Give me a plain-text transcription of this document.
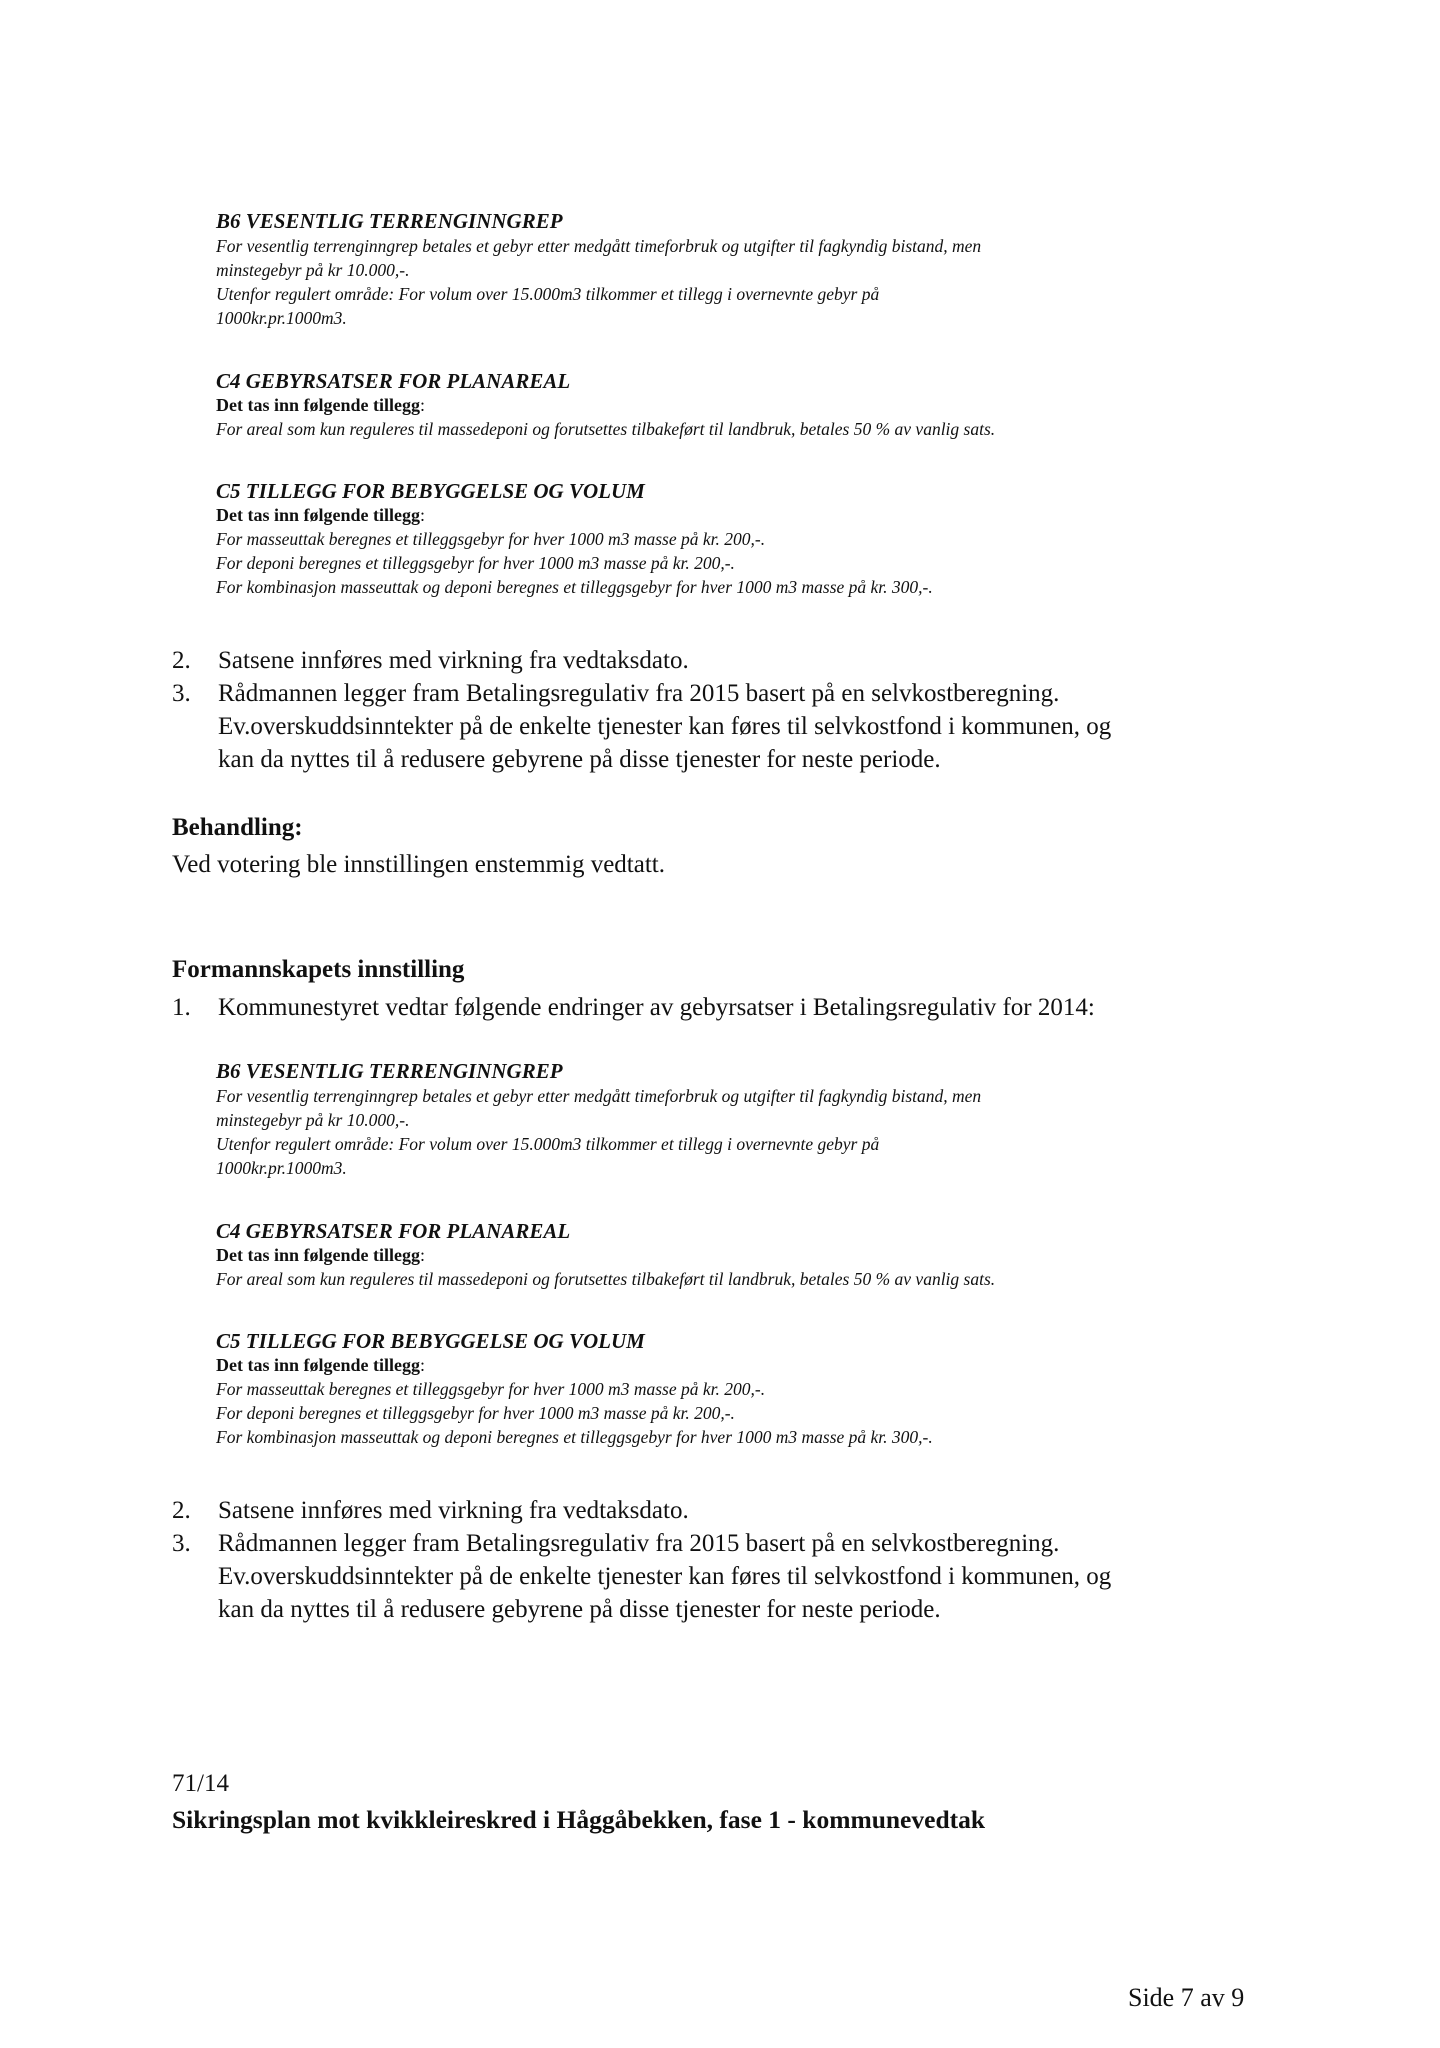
B6 VESENTLIG TERRENGINNGREP

For vesentlig terrenginngrep betales et gebyr etter medgått timeforbruk og utgifter til fagkyndig bistand, men

minstegebyr på kr 10.000,-.

Utenfor regulert område: For volum over 15.000m3 tilkommer et tillegg i overnevnte gebyr på

1000kr.pr.1000m3.

C4 GEBYRSATSER FOR PLANAREAL

Det tas inn følgende tillegg:

For areal som kun reguleres til massedeponi og forutsettes tilbakeført til landbruk, betales 50 % av vanlig sats.

C5 TILLEGG FOR BEBYGGELSE OG VOLUM

Det tas inn følgende tillegg:

For masseuttak beregnes et tilleggsgebyr for hver 1000 m3 masse på kr. 200,-.

For deponi beregnes et tilleggsgebyr for hver 1000 m3 masse på kr. 200,-.

For kombinasjon masseuttak og deponi beregnes et tilleggsgebyr for hver 1000 m3 masse på kr. 300,-.

2.	Satsene innføres med virkning fra vedtaksdato.
3.	Rådmannen legger fram Betalingsregulativ fra 2015 basert på en selvkostberegning.
Ev.overskuddsinntekter på de enkelte tjenester kan føres til selvkostfond i kommunen, og
kan da nyttes til å redusere gebyrene på disse tjenester for neste periode.
Behandling:
Ved votering ble innstillingen enstemmig vedtatt.
Formannskapets innstilling
1.	Kommunestyret vedtar følgende endringer av gebyrsatser i Betalingsregulativ for 2014:

B6 VESENTLIG TERRENGINNGREP

For vesentlig terrenginngrep betales et gebyr etter medgått timeforbruk og utgifter til fagkyndig bistand, men

minstegebyr på kr 10.000,-.

Utenfor regulert område: For volum over 15.000m3 tilkommer et tillegg i overnevnte gebyr på

1000kr.pr.1000m3.

C4 GEBYRSATSER FOR PLANAREAL

Det tas inn følgende tillegg:

For areal som kun reguleres til massedeponi og forutsettes tilbakeført til landbruk, betales 50 % av vanlig sats.

C5 TILLEGG FOR BEBYGGELSE OG VOLUM

Det tas inn følgende tillegg:

For masseuttak beregnes et tilleggsgebyr for hver 1000 m3 masse på kr. 200,-.

For deponi beregnes et tilleggsgebyr for hver 1000 m3 masse på kr. 200,-.

For kombinasjon masseuttak og deponi beregnes et tilleggsgebyr for hver 1000 m3 masse på kr. 300,-.

2.	Satsene innføres med virkning fra vedtaksdato.
3.	Rådmannen legger fram Betalingsregulativ fra 2015 basert på en selvkostberegning.
Ev.overskuddsinntekter på de enkelte tjenester kan føres til selvkostfond i kommunen, og
kan da nyttes til å redusere gebyrene på disse tjenester for neste periode.
71/14
Sikringsplan mot kvikkleireskred i Håggåbekken, fase 1 - kommunevedtak
Side 7 av 9
